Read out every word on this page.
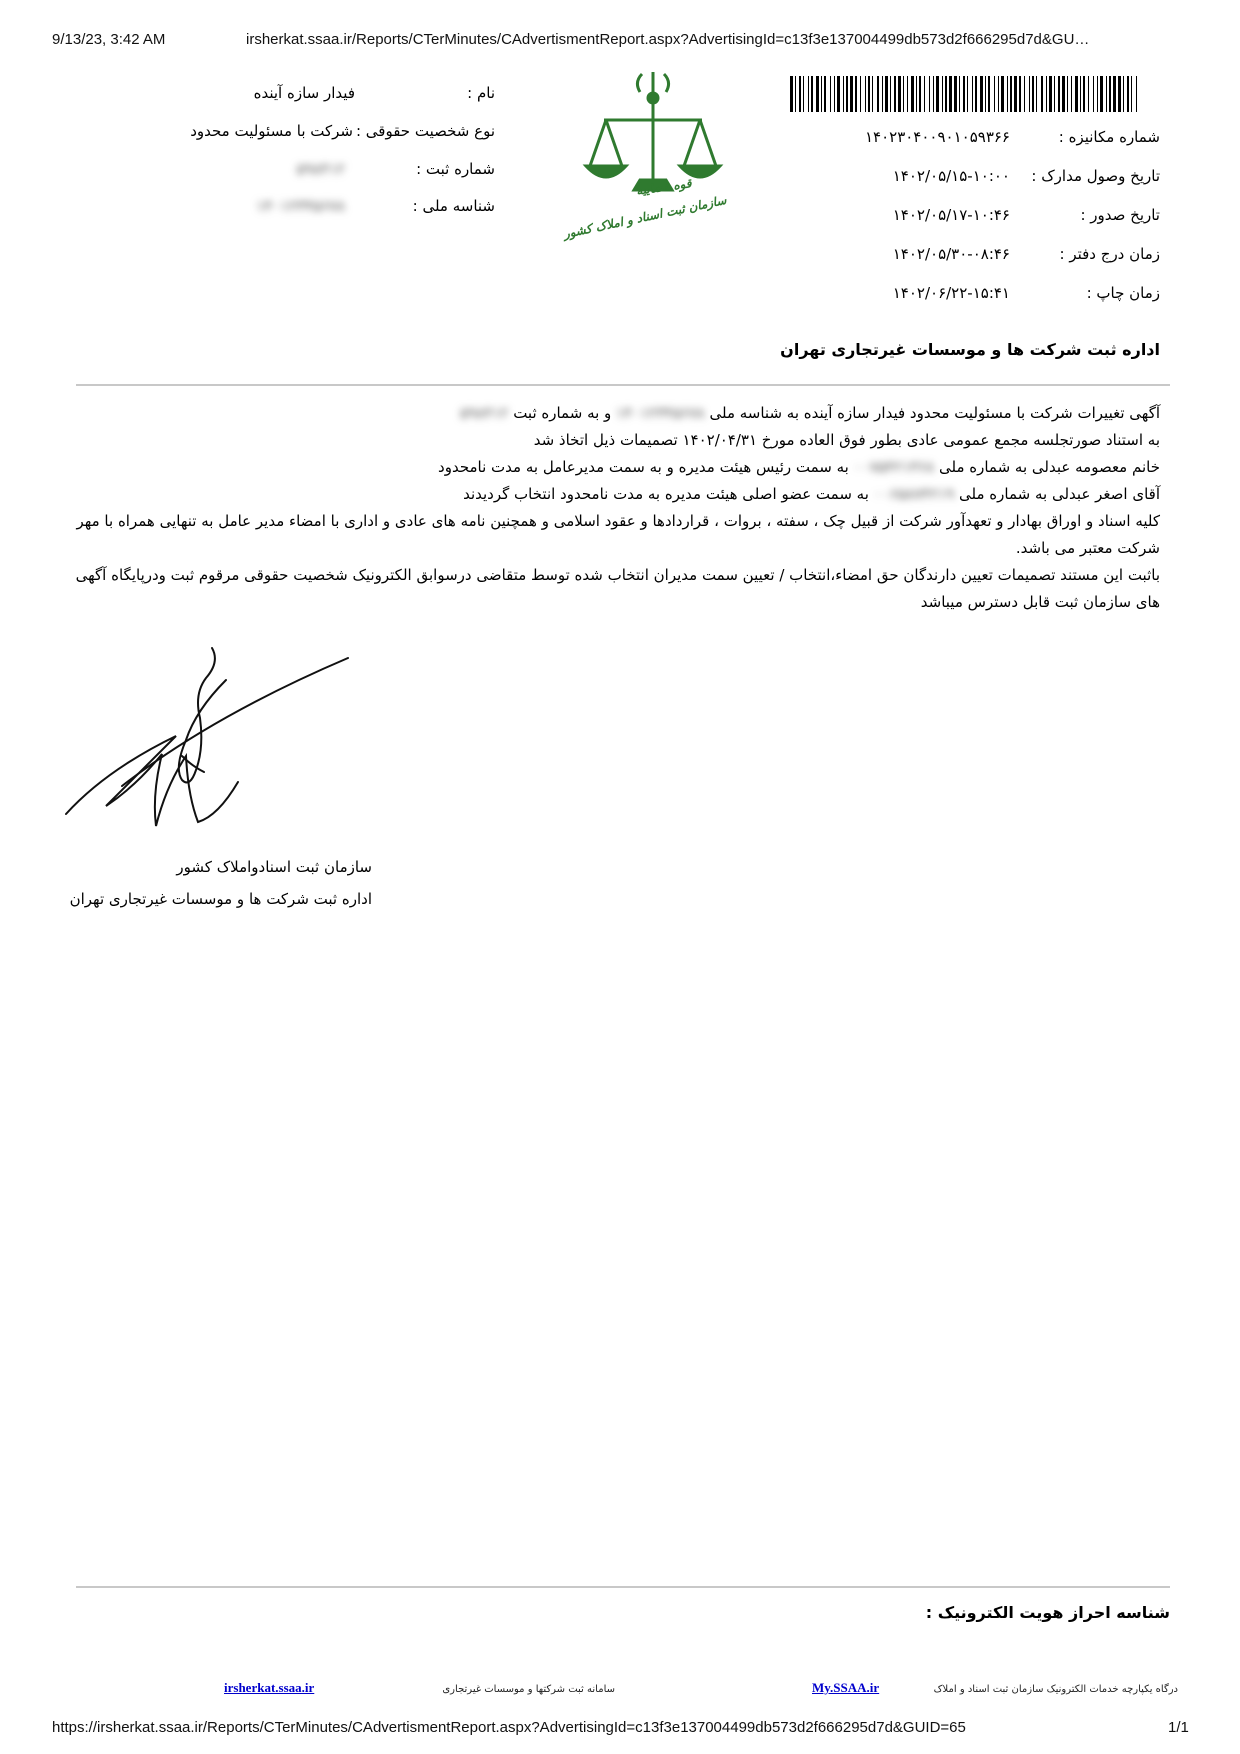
9/13/23, 3:42 AM	irsherkat.ssaa.ir/Reports/CTerMinutes/CAdvertismentReport.aspx?AdvertisingId=c13f3e137004499db573d2f666295d7d&GU…
نام :
فیدار سازه آینده
نوع شخصیت حقوقی :
شرکت با مسئولیت محدود
شماره ثبت :
۵۹۸۴۱۲
شناسه ملی :
۱۴۰۱۲۳۴۵۶۷۸
قوه قضاییه
سازمان ثبت اسناد و املاک کشور
شماره مکانیزه :
۱۴۰۲۳۰۴۰۰۹۰۱۰۵۹۳۶۶
تاریخ وصول مدارک :
۱۴۰۲/۰۵/۱۵-۱۰:۰۰
تاریخ صدور :
۱۴۰۲/۰۵/۱۷-۱۰:۴۶
زمان درج دفتر :
۱۴۰۲/۰۵/۳۰-۰۸:۴۶
زمان چاپ :
۱۴۰۲/۰۶/۲۲-۱۵:۴۱
اداره ثبت شرکت ها و موسسات غیرتجاری تهران

آگهی تغییرات شرکت با مسئولیت محدود فیدار سازه آینده به شناسه ملی ۱۴۰۱۲۳۴۵۶۷۸ و به شماره ثبت ۵۹۸۴۱۲

به استناد صورتجلسه مجمع عمومی عادی بطور فوق العاده مورخ ۱۴۰۲/۰۴/۳۱ تصمیمات ذیل اتخاذ شد

خانم معصومه عبدلی به شماره ملی ۰۰۷۵۴۲۱۳۶۸ به سمت رئیس هیئت مدیره و به سمت مدیرعامل به مدت نامحدود

آقای اصغر عبدلی به شماره ملی ۰۰۶۵۸۷۴۲۱۹ به سمت عضو اصلی هیئت مدیره به مدت نامحدود انتخاب گردیدند

کلیه اسناد و اوراق بهادار و تعهدآور شرکت از قبیل چک ، سفته ، بروات ، قراردادها و عقود اسلامی و همچنین نامه های عادی و اداری با امضاء مدیر عامل به تنهایی همراه با مهر شرکت معتبر می باشد.

باثبت این مستند تصمیمات تعیین دارندگان حق امضاء،انتخاب / تعیین سمت مدیران انتخاب شده توسط متقاضی درسوابق الکترونیک شخصیت حقوقی مرقوم ثبت ودرپایگاه آگهی های سازمان ثبت قابل دسترس میباشد

سازمان ثبت اسنادواملاک کشور
اداره ثبت شرکت ها و موسسات غیرتجاری تهران
شناسه احراز هویت الکترونیک :
درگاه یکپارچه خدمات الکترونیک سازمان ثبت اسناد و املاک
My.SSAA.ir
سامانه ثبت شرکتها و موسسات غیرتجاری
irsherkat.ssaa.ir
https://irsherkat.ssaa.ir/Reports/CTerMinutes/CAdvertismentReport.aspx?AdvertisingId=c13f3e137004499db573d2f666295d7d&GUID=65	1/1
